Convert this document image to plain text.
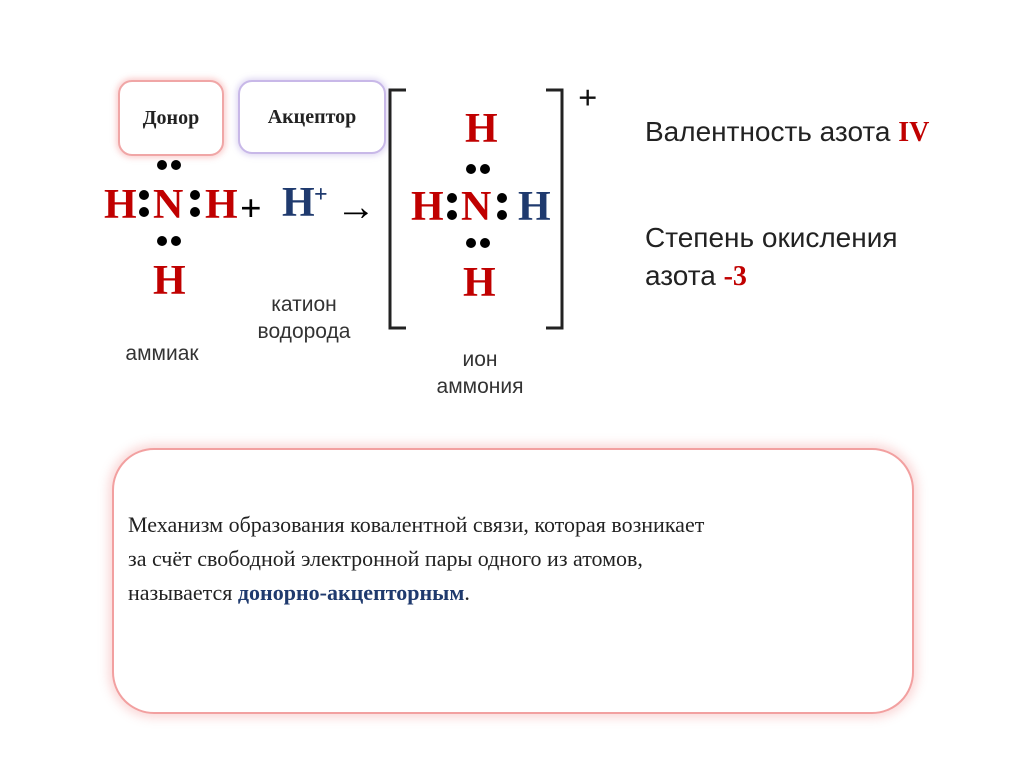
Донор	Акцептор
H N H
H
аммиак
+ H + →
катион
водорода
+
H
H N H
H
ион
аммония
Валентность азота IV
Степень окисления
азота -3
Механизм образования ковалентной связи, которая возникает
за счёт свободной электронной пары одного из атомов,
называется донорно-акцепторным.
